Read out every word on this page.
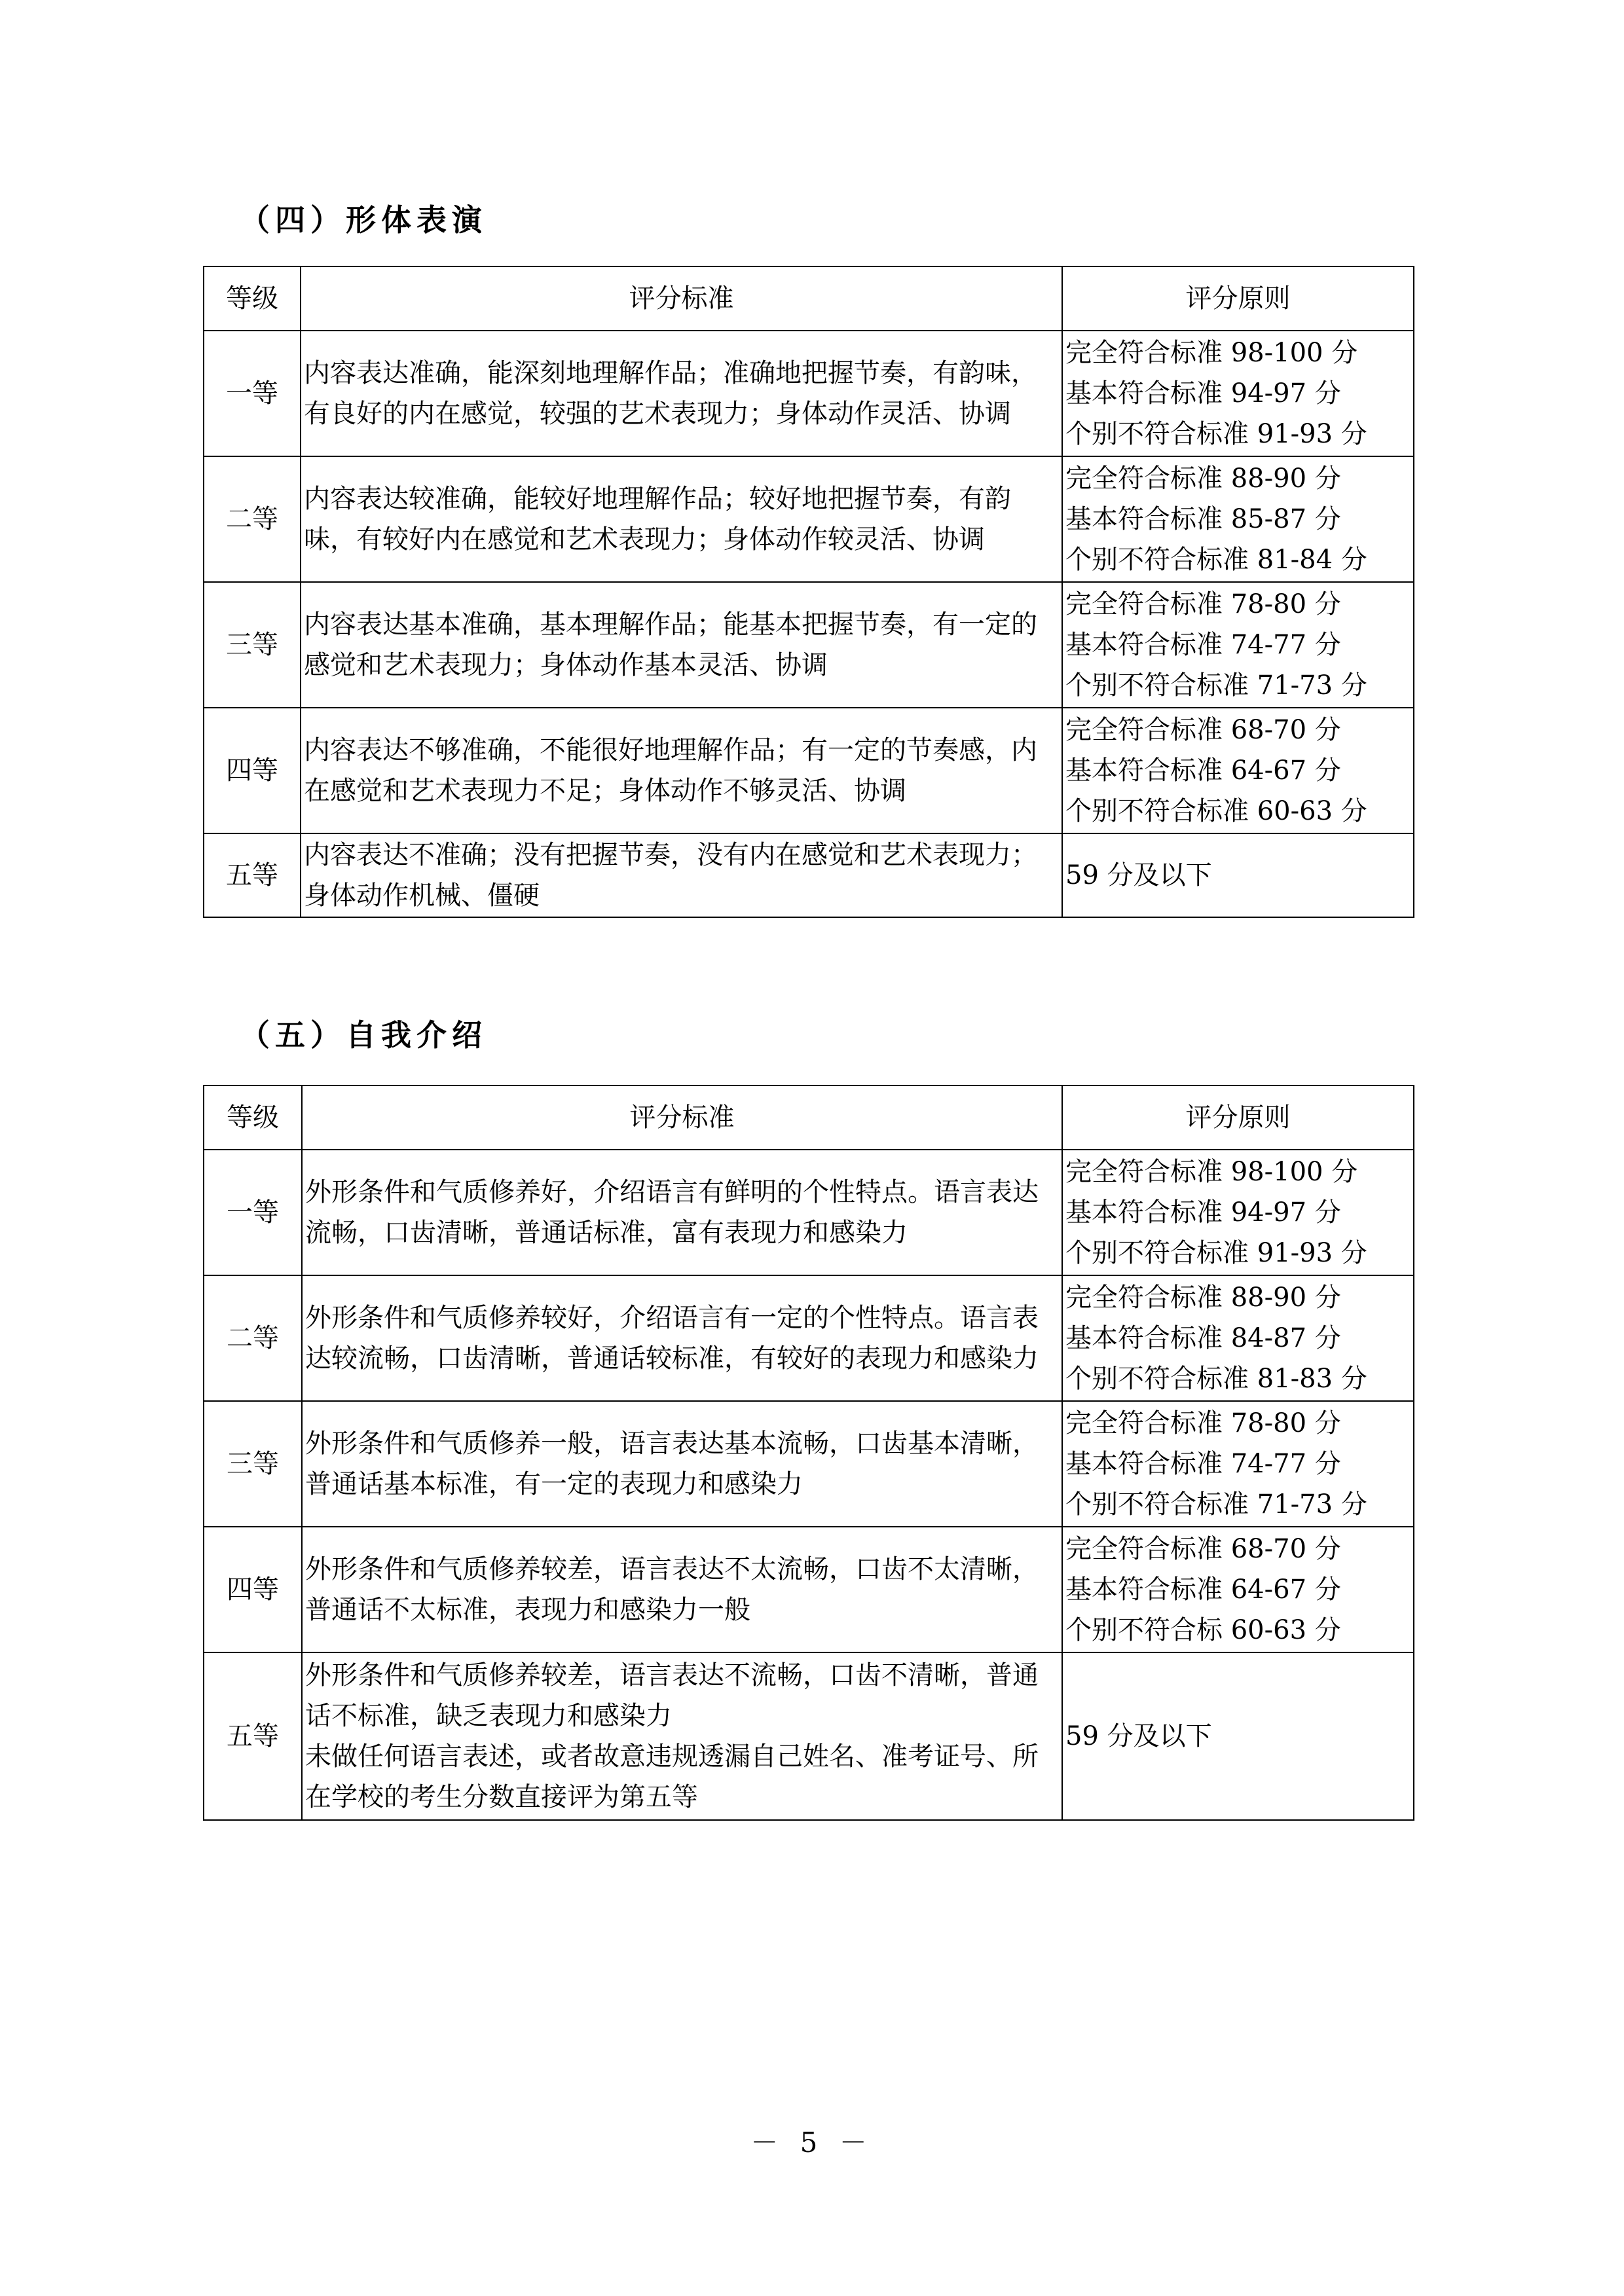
（四）形体表演
等级	评分标准	评分原则
一等	内容表达准确，能深刻地理解作品；准确地把握节奏，有韵味，有良好的内在感觉，较强的艺术表现力；身体动作灵活、协调	完全符合标准 98-100 分
基本符合标准 94-97 分
个别不符合标准 91-93 分

二等	内容表达较准确，能较好地理解作品；较好地把握节奏，有韵味，有较好内在感觉和艺术表现力；身体动作较灵活、协调	完全符合标准 88-90 分
基本符合标准 85-87 分
个别不符合标准 81-84 分

三等	内容表达基本准确，基本理解作品；能基本把握节奏，有一定的感觉和艺术表现力；身体动作基本灵活、协调	完全符合标准 78-80 分
基本符合标准 74-77 分
个别不符合标准 71-73 分

四等	内容表达不够准确，不能很好地理解作品；有一定的节奏感，内在感觉和艺术表现力不足；身体动作不够灵活、协调	完全符合标准 68-70 分
基本符合标准 64-67 分
个别不符合标准 60-63 分

五等	内容表达不准确；没有把握节奏，没有内在感觉和艺术表现力；身体动作机械、僵硬	59 分及以下
（五）自我介绍
等级	评分标准	评分原则
一等	外形条件和气质修养好，介绍语言有鲜明的个性特点。语言表达流畅，口齿清晰，普通话标准，富有表现力和感染力	完全符合标准 98-100 分
基本符合标准 94-97 分
个别不符合标准 91-93 分

二等	外形条件和气质修养较好，介绍语言有一定的个性特点。语言表达较流畅，口齿清晰，普通话较标准，有较好的表现力和感染力	完全符合标准 88-90 分
基本符合标准 84-87 分
个别不符合标准 81-83 分

三等	外形条件和气质修养一般，语言表达基本流畅，口齿基本清晰，普通话基本标准，有一定的表现力和感染力	完全符合标准 78-80 分
基本符合标准 74-77 分
个别不符合标准 71-73 分

四等	外形条件和气质修养较差，语言表达不太流畅，口齿不太清晰，普通话不太标准，表现力和感染力一般	完全符合标准 68-70 分
基本符合标准 64-67 分
个别不符合标 60-63 分

五等	外形条件和气质修养较差，语言表达不流畅，口齿不清晰，普通话不标准，缺乏表现力和感染力
未做任何语言表述，或者故意违规透漏自己姓名、准考证号、所在学校的考生分数直接评为第五等	59 分及以下
－ 5 －
